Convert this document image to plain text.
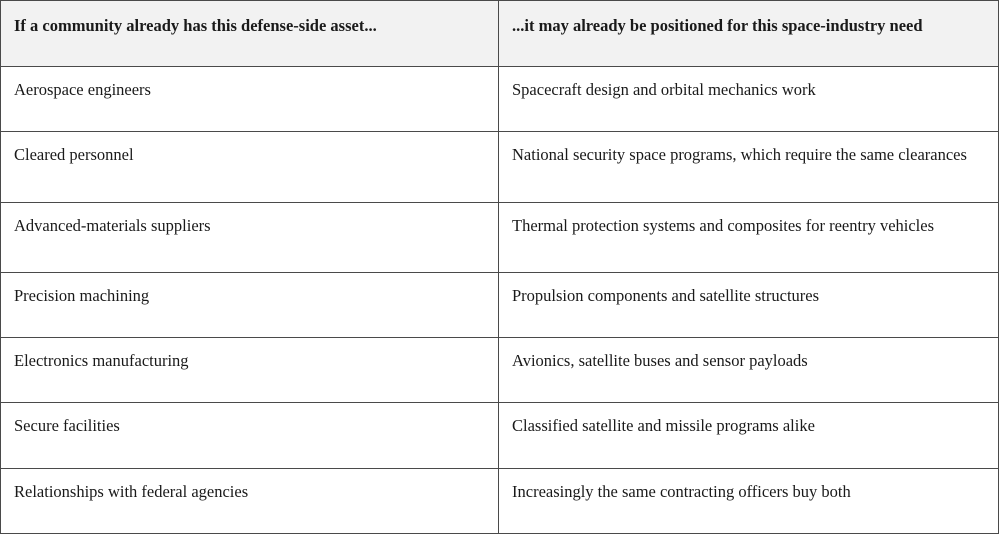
If a community already has this defense-side asset...	...it may already be positioned for this space-industry need
Aerospace engineers	Spacecraft design and orbital mechanics work
Cleared personnel	National security space programs, which require the same clearances
Advanced-materials suppliers	Thermal protection systems and composites for reentry vehicles
Precision machining	Propulsion components and satellite structures
Electronics manufacturing	Avionics, satellite buses and sensor payloads
Secure facilities	Classified satellite and missile programs alike
Relationships with federal agencies	Increasingly the same contracting officers buy both
